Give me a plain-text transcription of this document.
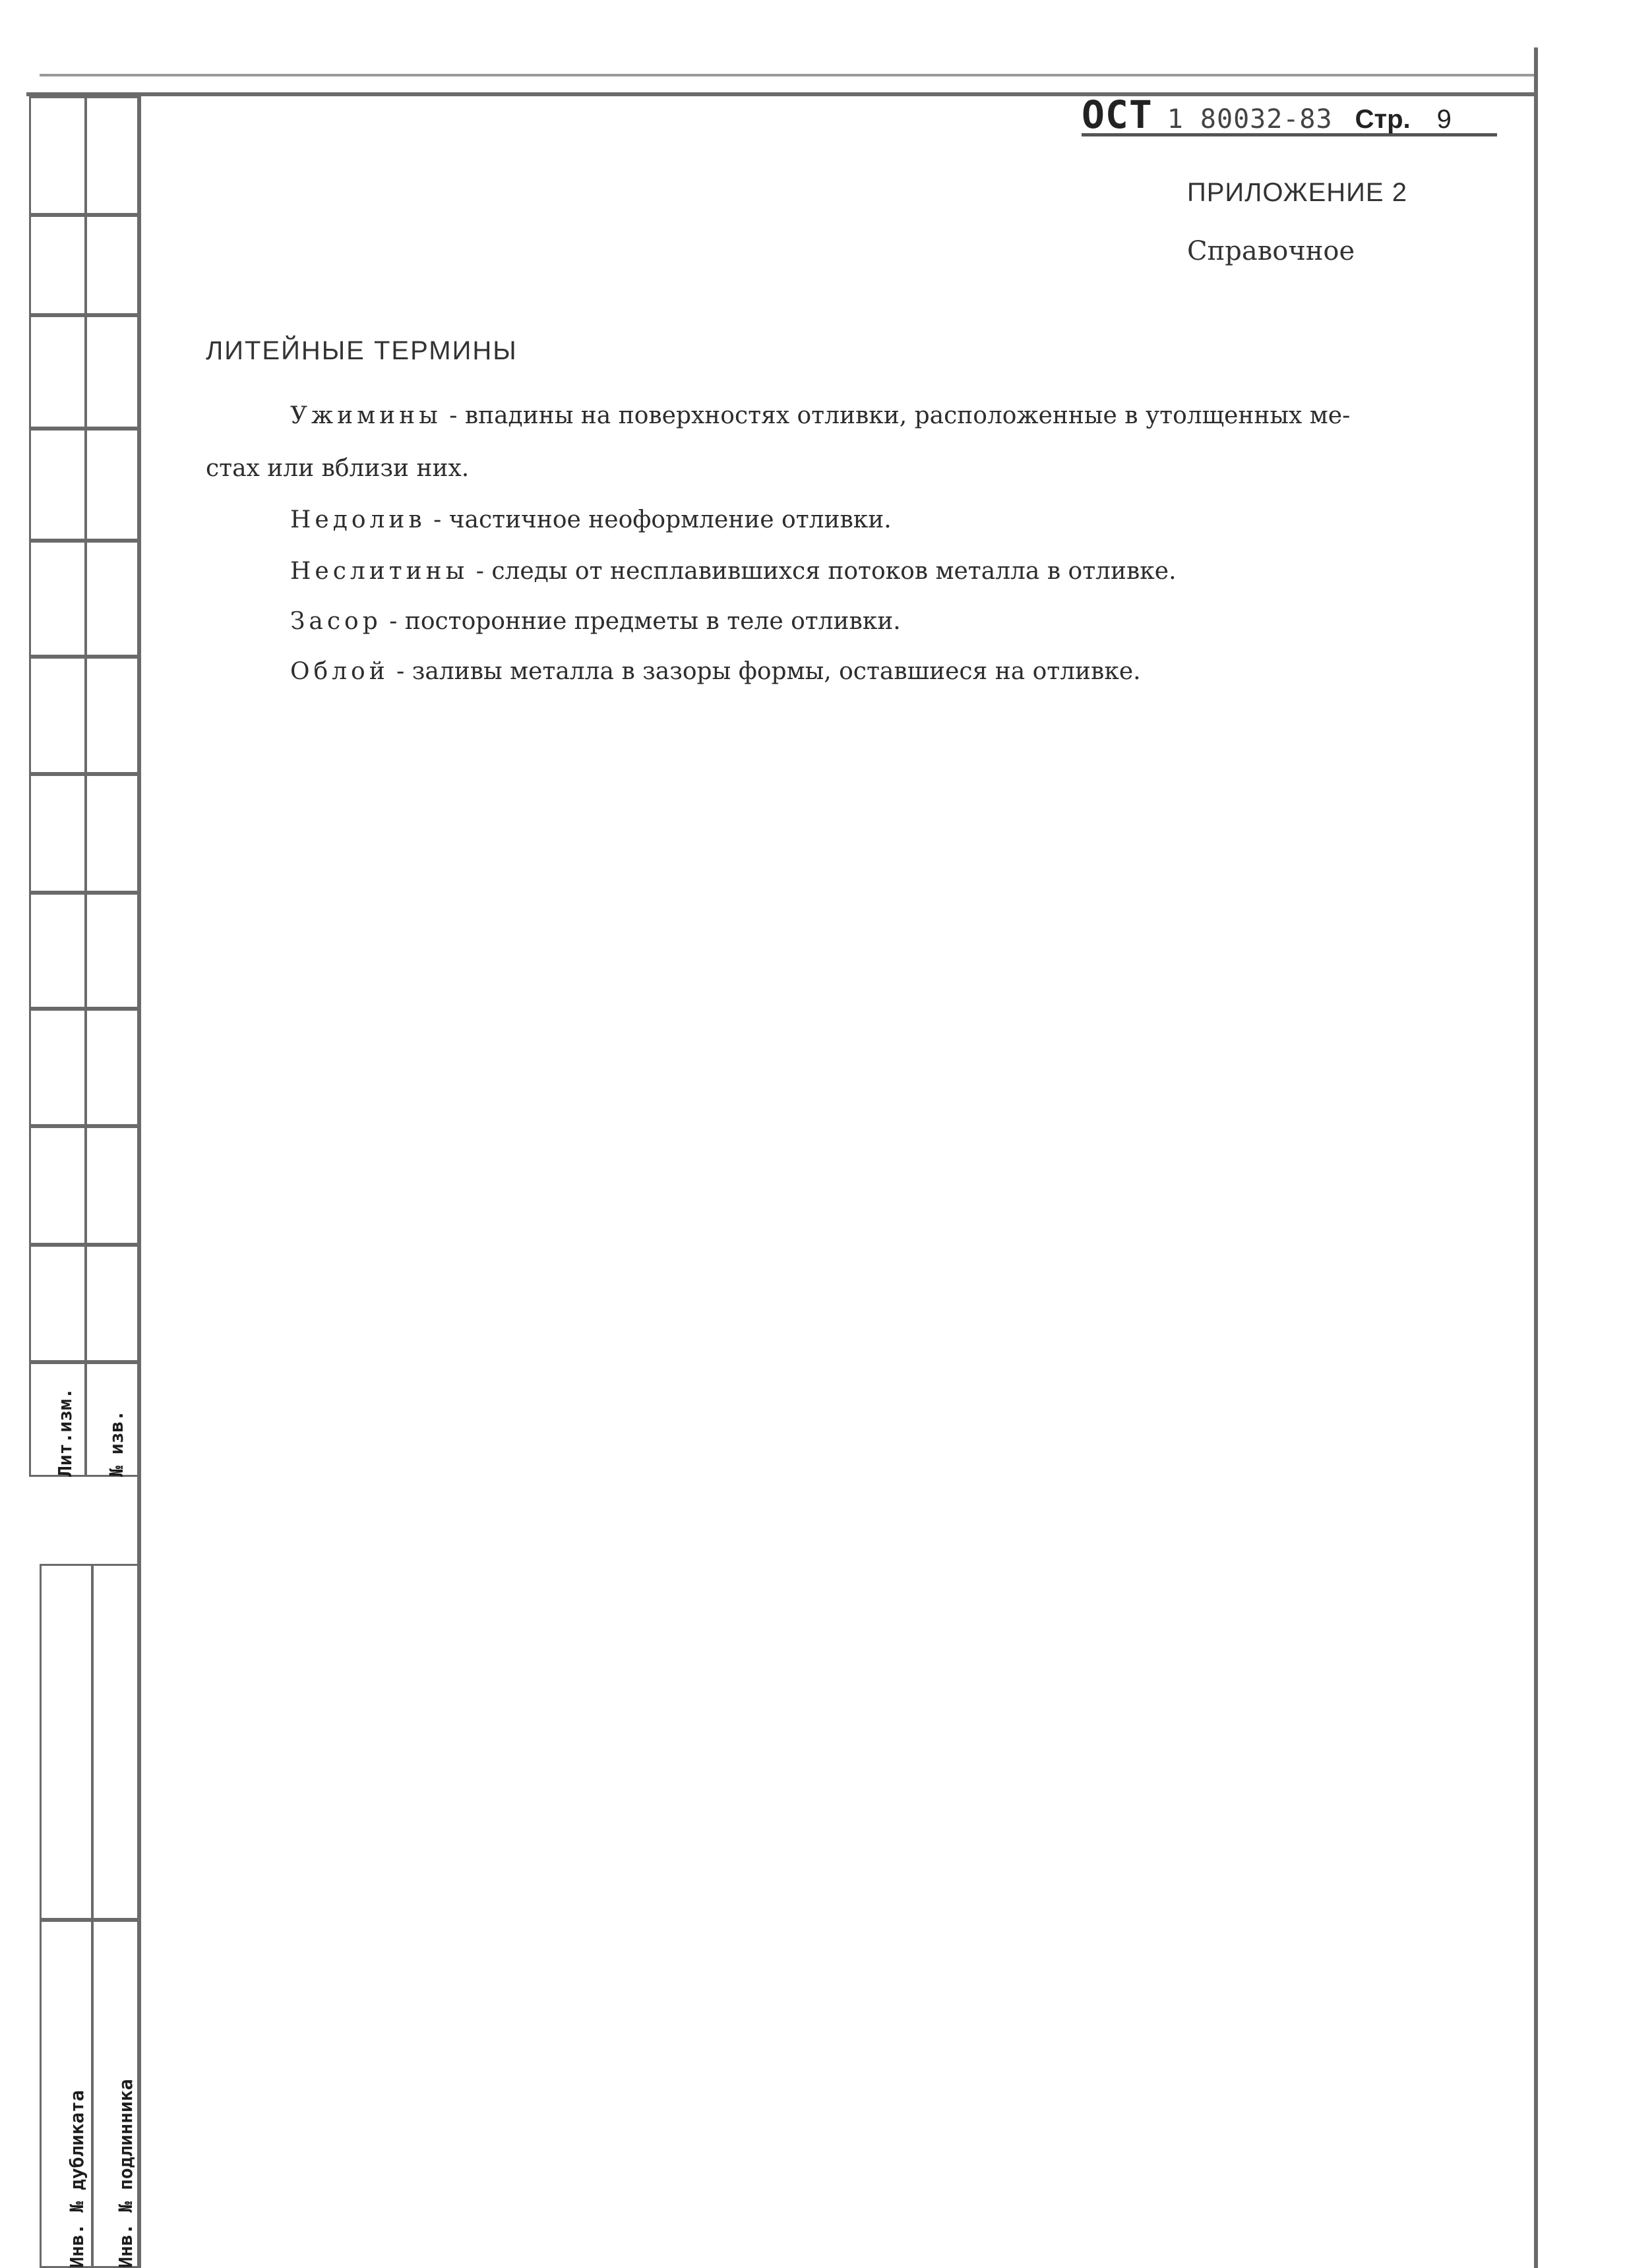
Лит.изм. № изв.
Инв. № дубликата Инв. № подлинника
ОСТ 1 80032-83 Стр. 9
ПРИЛОЖЕНИЕ 2
Справочное
ЛИТЕЙНЫЕ ТЕРМИНЫ
Ужимины - впадины на поверхностях отливки, расположенные в утолщенных ме-
стах или вблизи них.
Недолив - частичное неоформление отливки.
Неслитины - следы от несплавившихся потоков металла в отливке.
Засор - посторонние предметы в теле отливки.
Облой - заливы металла в зазоры формы, оставшиеся на отливке.
